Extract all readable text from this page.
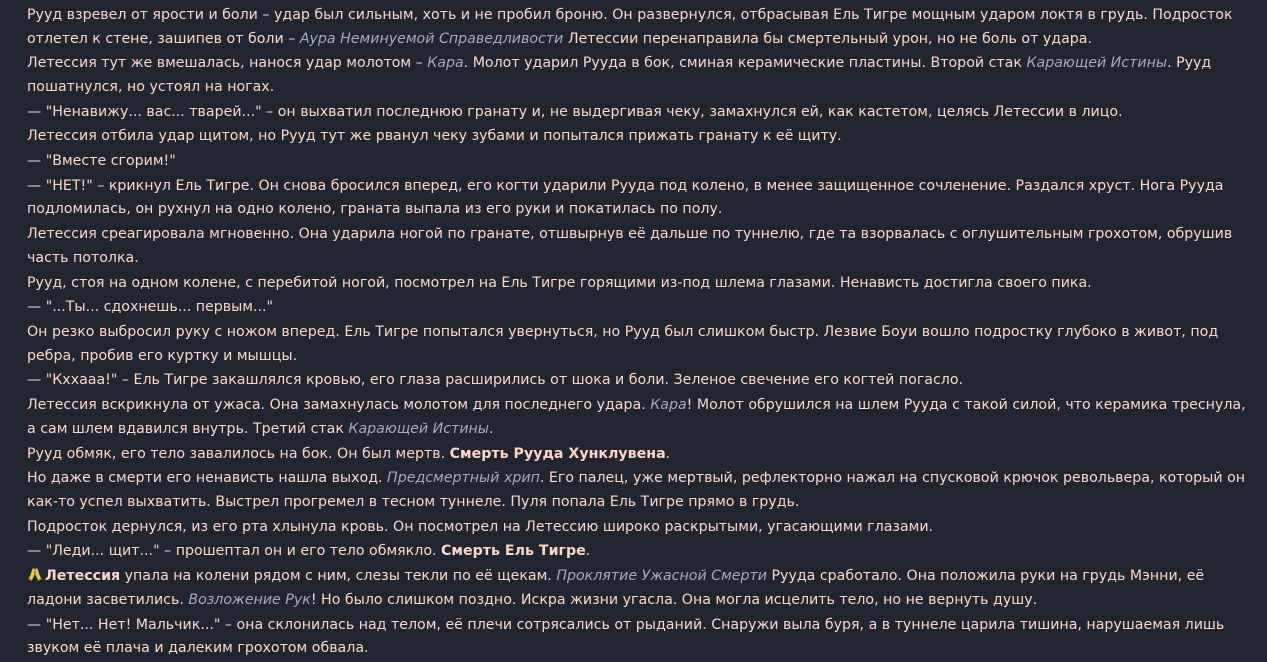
Рууд взревел от ярости и боли – удар был сильным, хоть и не пробил броню. Он развернулся, отбрасывая Ель Тигре мощным ударом локтя в грудь. Подросток отлетел к стене, зашипев от боли – Аура Неминуемой Справедливости Летессии перенаправила бы смертельный урон, но не боль от удара.
Летессия тут же вмешалась, нанося удар молотом – Кара. Молот ударил Рууда в бок, сминая керамические пластины. Второй стак Карающей Истины. Рууд пошатнулся, но устоял на ногах.
— "Ненавижу... вас... тварей..." – он выхватил последнюю гранату и, не выдергивая чеку, замахнулся ей, как кастетом, целясь Летессии в лицо.
Летессия отбила удар щитом, но Рууд тут же рванул чеку зубами и попытался прижать гранату к её щиту.
— "Вместе сгорим!"
— "НЕТ!" – крикнул Ель Тигре. Он снова бросился вперед, его когти ударили Рууда под колено, в менее защищенное сочленение. Раздался хруст. Нога Рууда подломилась, он рухнул на одно колено, граната выпала из его руки и покатилась по полу.
Летессия среагировала мгновенно. Она ударила ногой по гранате, отшвырнув её дальше по туннелю, где та взорвалась с оглушительным грохотом, обрушив часть потолка.
Рууд, стоя на одном колене, с перебитой ногой, посмотрел на Ель Тигре горящими из-под шлема глазами. Ненависть достигла своего пика.
— "...Ты... сдохнешь... первым..."
Он резко выбросил руку с ножом вперед. Ель Тигре попытался увернуться, но Рууд был слишком быстр. Лезвие Боуи вошло подростку глубоко в живот, под ребра, пробив его куртку и мышцы.
— "Кххааа!" – Ель Тигре закашлялся кровью, его глаза расширились от шока и боли. Зеленое свечение его когтей погасло.
Летессия вскрикнула от ужаса. Она замахнулась молотом для последнего удара. Кара! Молот обрушился на шлем Рууда с такой силой, что керамика треснула, а сам шлем вдавился внутрь. Третий стак Карающей Истины.
Рууд обмяк, его тело завалилось на бок. Он был мертв. Смерть Рууда Хунклувена.
Но даже в смерти его ненависть нашла выход. Предсмертный хрип. Его палец, уже мертвый, рефлекторно нажал на спусковой крючок револьвера, который он как-то успел выхватить. Выстрел прогремел в тесном туннеле. Пуля попала Ель Тигре прямо в грудь.
Подросток дернулся, из его рта хлынула кровь. Он посмотрел на Летессию широко раскрытыми, угасающими глазами.
— "Леди... щит..." – прошептал он и его тело обмякло. Смерть Ель Тигре.
Летессия упала на колени рядом с ним, слезы текли по её щекам. Проклятие Ужасной Смерти Рууда сработало. Она положила руки на грудь Мэнни, её ладони засветились. Возложение Рук! Но было слишком поздно. Искра жизни угасла. Она могла исцелить тело, но не вернуть душу.
— "Нет... Нет! Мальчик..." – она склонилась над телом, её плечи сотрясались от рыданий. Снаружи выла буря, а в туннеле царила тишина, нарушаемая лишь звуком её плача и далеким грохотом обвала.
